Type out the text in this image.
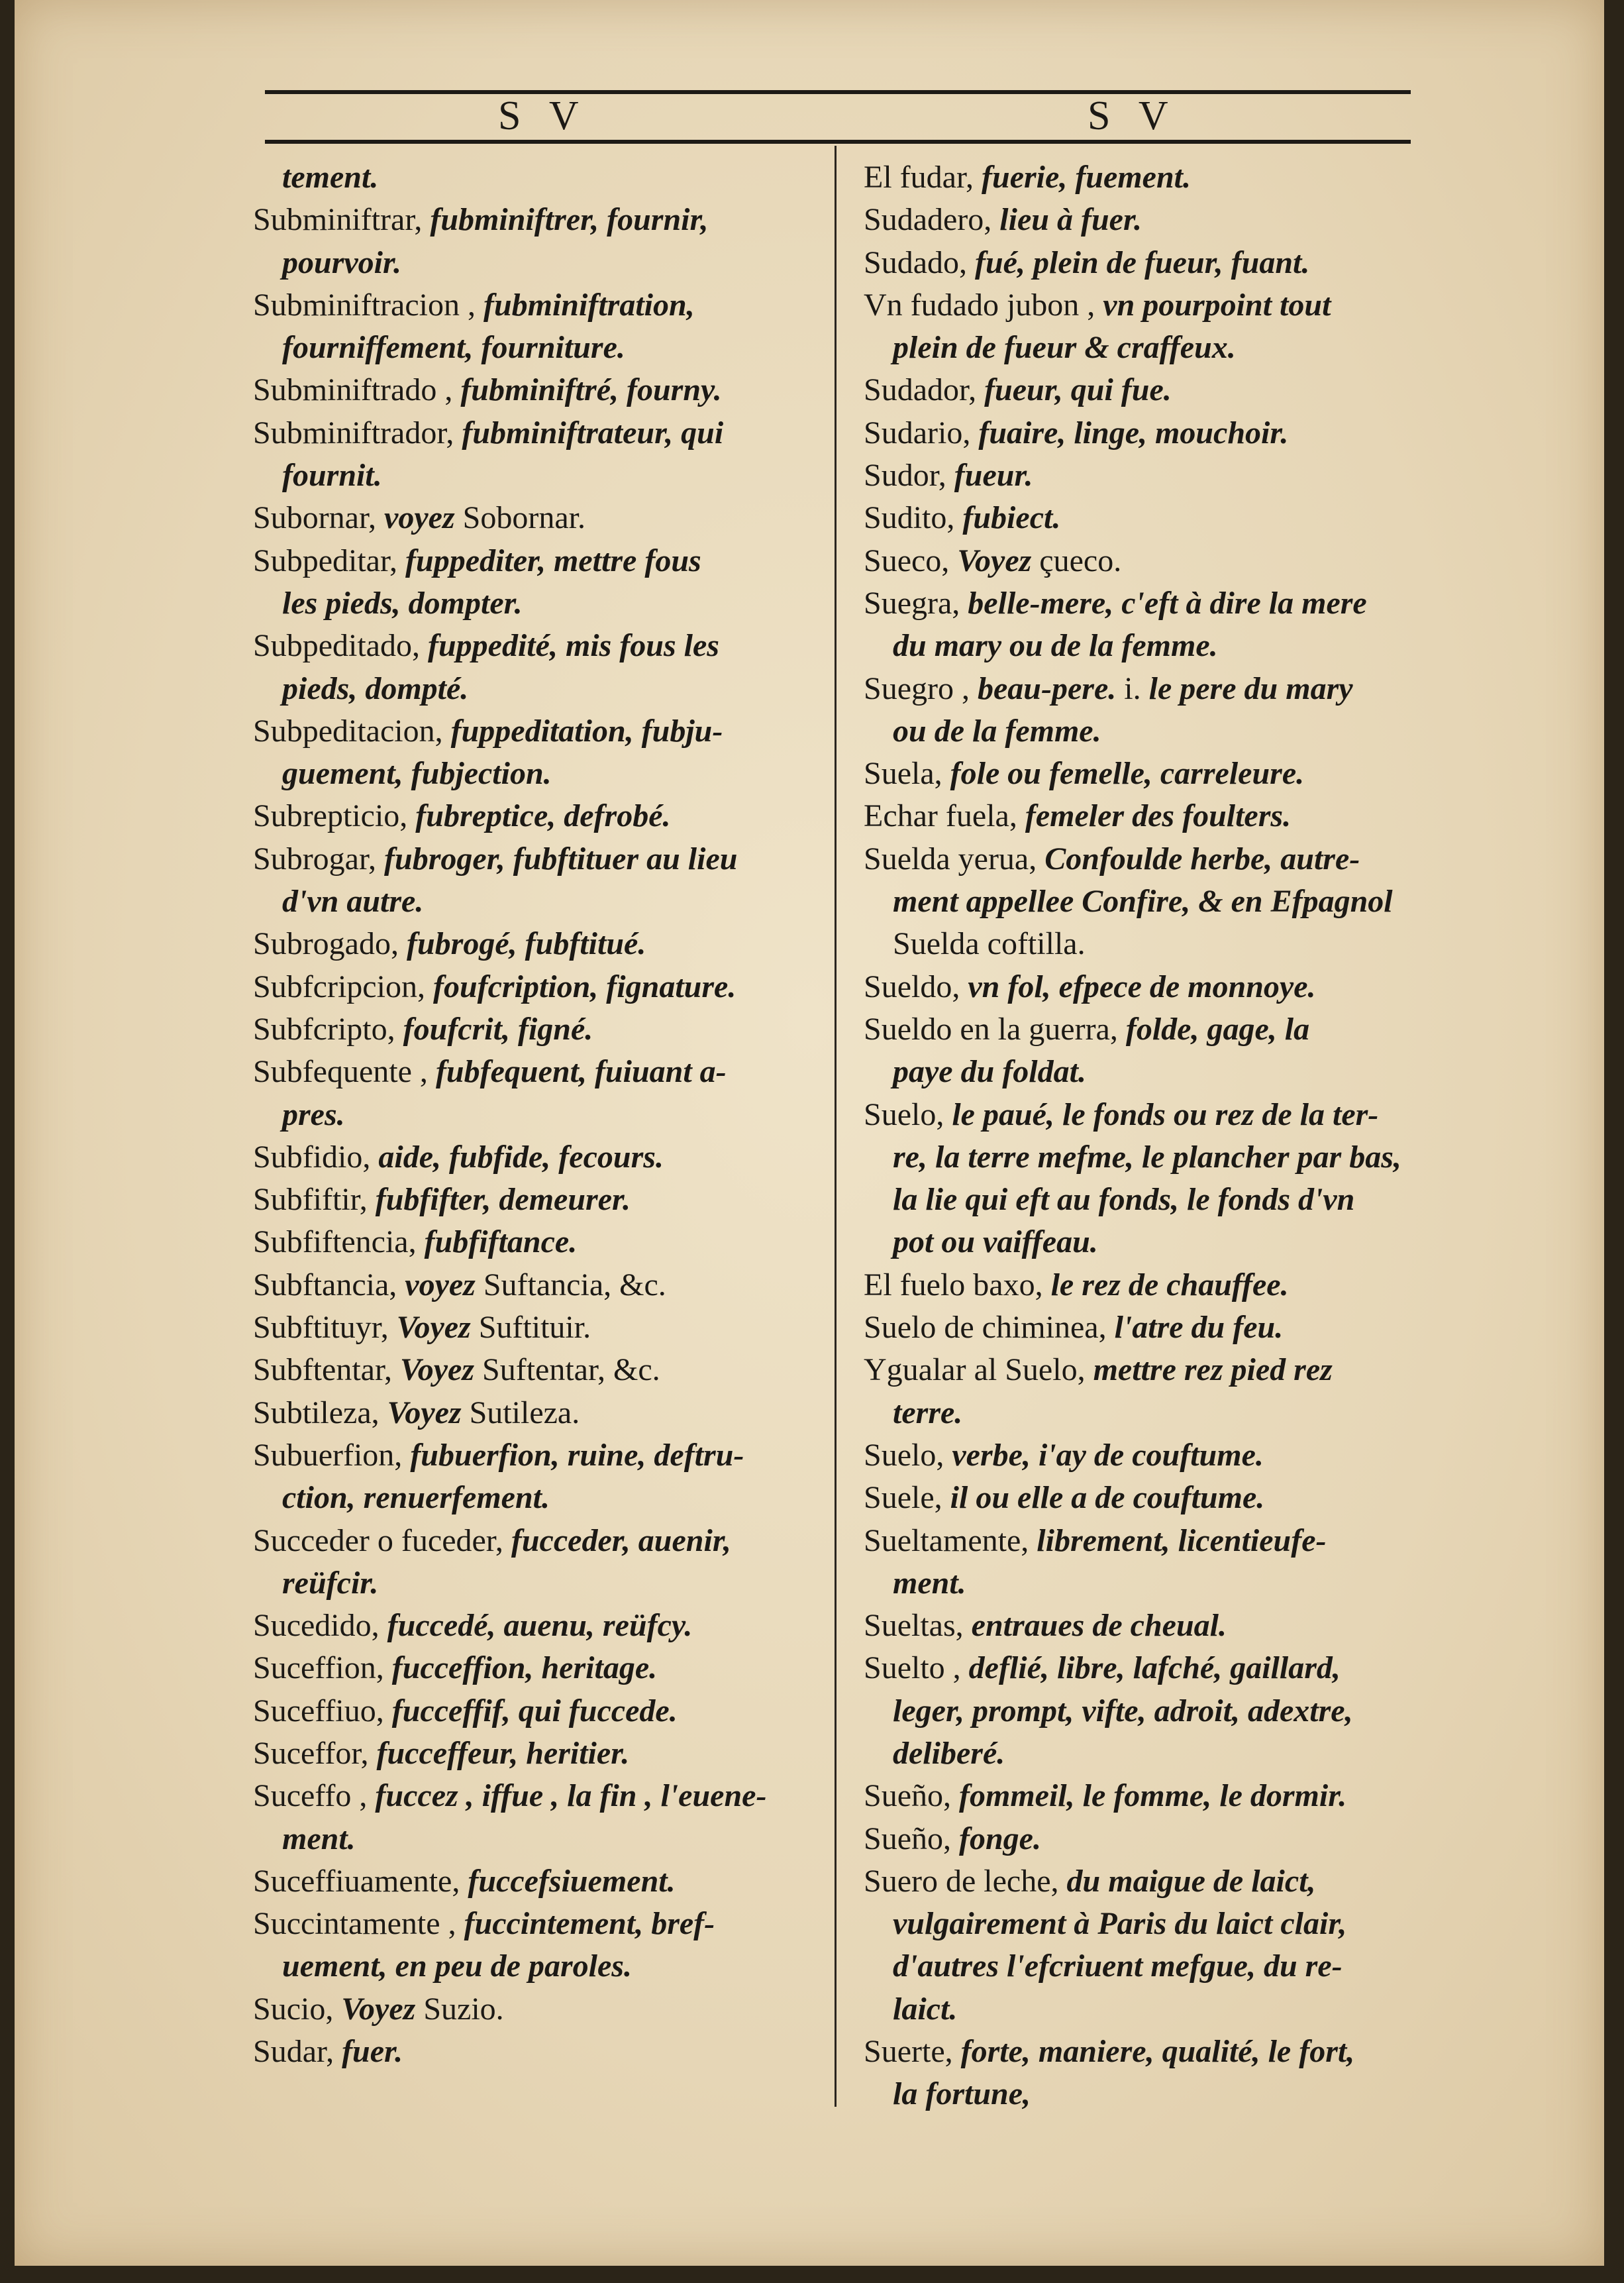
S V	S V
tement.
Subminiftrar, fubminiftrer, fournir,
pourvoir.
Subminiftracion , fubminiftration,
fourniffement, fourniture.
Subminiftrado , fubminiftré, fourny.
Subminiftrador, fubminiftrateur, qui
fournit.
Subornar, voyez Sobornar.
Subpeditar, fuppediter, mettre fous
les pieds, dompter.
Subpeditado, fuppedité, mis fous les
pieds, dompté.
Subpeditacion, fuppeditation, fubju-
guement, fubjection.
Subrepticio, fubreptice, defrobé.
Subrogar, fubroger, fubftituer au lieu
d'vn autre.
Subrogado, fubrogé, fubftitué.
Subfcripcion, foufcription, fignature.
Subfcripto, foufcrit, figné.
Subfequente , fubfequent, fuiuant a-
pres.
Subfidio, aide, fubfide, fecours.
Subfiftir, fubfifter, demeurer.
Subfiftencia, fubfiftance.
Subftancia, voyez Suftancia, &c.
Subftituyr, Voyez Suftituir.
Subftentar, Voyez Suftentar, &c.
Subtileza, Voyez Sutileza.
Subuerfion, fubuerfion, ruine, deftru-
ction, renuerfement.
Succeder o fuceder, fucceder, auenir,
reüfcir.
Sucedido, fuccedé, auenu, reüfcy.
Suceffion, fucceffion, heritage.
Suceffiuo, fucceffif, qui fuccede.
Suceffor, fucceffeur, heritier.
Suceffo , fuccez , iffue , la fin , l'euene-
ment.
Suceffiuamente, fuccefsiuement.
Succintamente , fuccintement, bref-
uement, en peu de paroles.
Sucio, Voyez Suzio.
Sudar, fuer.
El fudar, fuerie, fuement.
Sudadero, lieu à fuer.
Sudado, fué, plein de fueur, fuant.
Vn fudado jubon , vn pourpoint tout
plein de fueur & craffeux.
Sudador, fueur, qui fue.
Sudario, fuaire, linge, mouchoir.
Sudor, fueur.
Sudito, fubiect.
Sueco, Voyez çueco.
Suegra, belle-mere, c'eft à dire la mere
du mary ou de la femme.
Suegro , beau-pere. i. le pere du mary
ou de la femme.
Suela, fole ou femelle, carreleure.
Echar fuela, femeler des foulters.
Suelda yerua, Confoulde herbe, autre-
ment appellee Confire, & en Efpagnol
Suelda coftilla.
Sueldo, vn fol, efpece de monnoye.
Sueldo en la guerra, folde, gage, la
paye du foldat.
Suelo, le paué, le fonds ou rez de la ter-
re, la terre mefme, le plancher par bas,
la lie qui eft au fonds, le fonds d'vn
pot ou vaiffeau.
El fuelo baxo, le rez de chauffee.
Suelo de chiminea, l'atre du feu.
Ygualar al Suelo, mettre rez pied rez
terre.
Suelo, verbe, i'ay de couftume.
Suele, il ou elle a de couftume.
Sueltamente, librement, licentieufe-
ment.
Sueltas, entraues de cheual.
Suelto , deflié, libre, lafché, gaillard,
leger, prompt, vifte, adroit, adextre,
deliberé.
Sueño, fommeil, le fomme, le dormir.
Sueño, fonge.
Suero de leche, du maigue de laict,
vulgairement à Paris du laict clair,
d'autres l'efcriuent mefgue, du re-
laict.
Suerte, forte, maniere, qualité, le fort,
la fortune,
